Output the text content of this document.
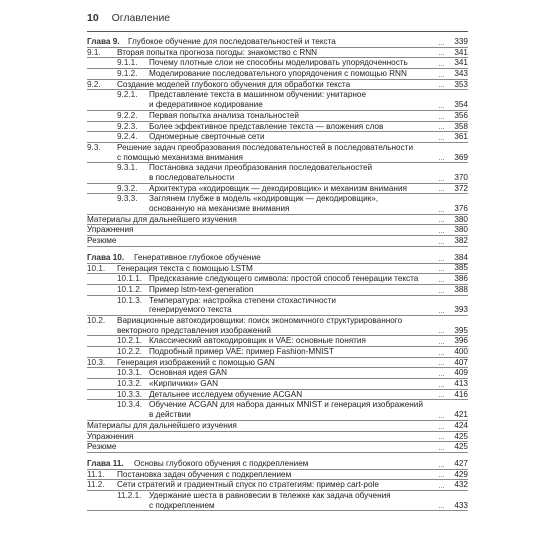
10 Оглавление
Глава 9. Глубокое обучение для последовательностей и текста	339
9.1. Вторая попытка прогноза погоды: знакомство с RNN	341
9.1.1. Почему плотные слои не способны моделировать упорядоченность	341
9.1.2. Моделирование последовательного упорядочения с помощью RNN	343
9.2. Создание моделей глубокого обучения для обработки текста	353
9.2.1. Представление текста в машинном обучении: унитарное
и федеративное кодирование	354
9.2.2. Первая попытка анализа тональностей	356
9.2.3. Более эффективное представление текста — вложения слов	358
9.2.4. Одномерные сверточные сети	361
9.3. Решение задач преобразования последовательностей в последовательности
с помощью механизма внимания	369
9.3.1. Постановка задачи преобразования последовательностей
в последовательности	370
9.3.2. Архитектура «кодировщик — декодировщик» и механизм внимания	372
9.3.3. Заглянем глубже в модель «кодировщик — декодировщик»,
основанную на механизме внимания	376
Материалы для дальнейшего изучения	380
Упражнения	380
Резюме	382
Глава 10. Генеративное глубокое обучение	384
10.1. Генерация текста с помощью LSTM	385
10.1.1. Предсказание следующего символа: простой способ генерации текста	386
10.1.2. Пример lstm-text-generation	388
10.1.3. Температура: настройка степени стохастичности
генерируемого текста	393
10.2. Вариационные автокодировщики: поиск экономичного структурированного
векторного представления изображений	395
10.2.1. Классический автокодировщик и VAE: основные понятия	396
10.2.2. Подробный пример VAE: пример Fashion-MNIST	400
10.3. Генерация изображений с помощью GAN	407
10.3.1. Основная идея GAN	409
10.3.2. «Кирпичики» GAN	413
10.3.3. Детальнее исследуем обучение ACGAN	416
10.3.4. Обучение ACGAN для набора данных MNIST и генерация изображений
в действии	421
Материалы для дальнейшего изучения	424
Упражнения	425
Резюме	425
Глава 11. Основы глубокого обучения с подкреплением	427
11.1. Постановка задач обучения с подкреплением	429
11.2. Сети стратегий и градиентный спуск по стратегиям: пример cart-pole	432
11.2.1. Удержание шеста в равновесии в тележке как задача обучения
с подкреплением	433
